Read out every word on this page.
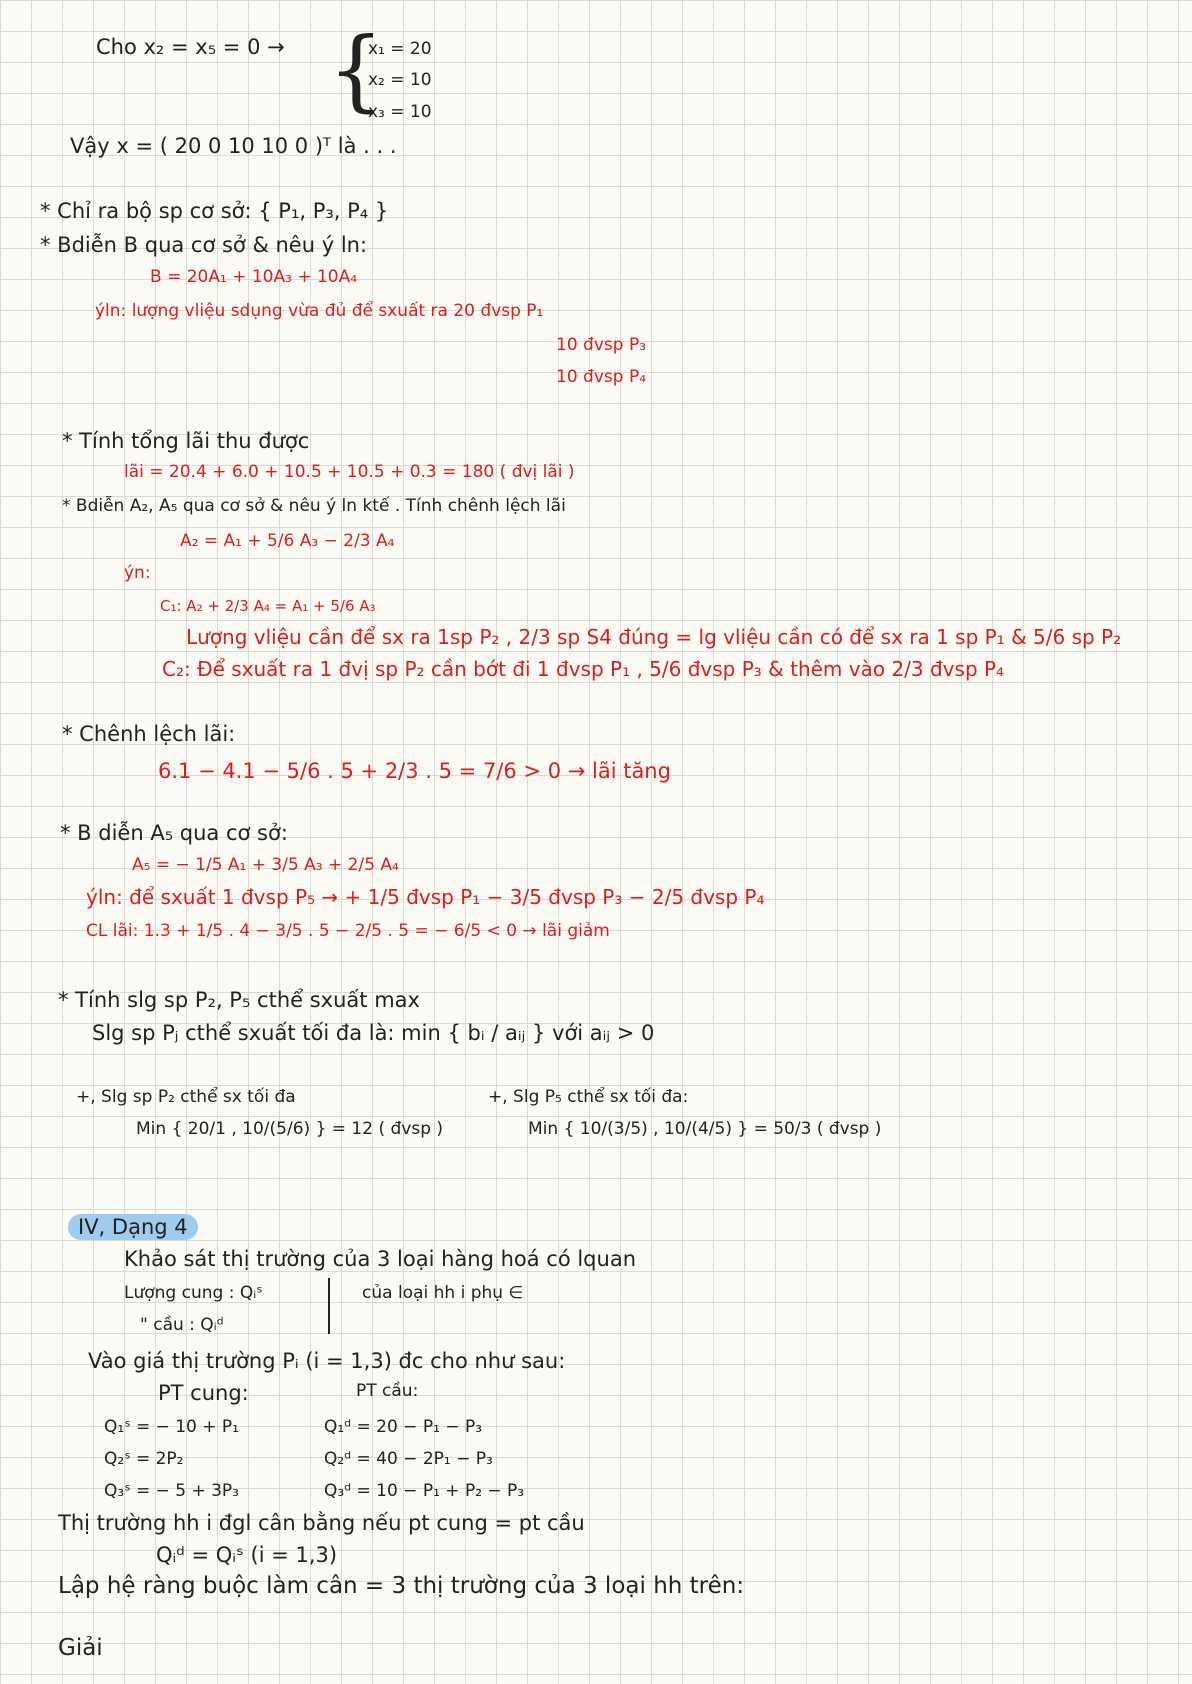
Cho x₂ = x₅ = 0 → {
x₁ = 20
x₂ = 10
x₃ = 10
Vậy x = ( 20 0 10 10 0 )ᵀ là . . .
* Chỉ ra bộ sp cơ sở: { P₁, P₃, P₄ }
* Bdiễn B qua cơ sở & nêu ý ln:
B = 20A₁ + 10A₃ + 10A₄
ýln: lượng vliệu sdụng vừa đủ để sxuất ra 20 đvsp P₁
10 đvsp P₃
10 đvsp P₄
* Tính tổng lãi thu được
lãi = 20.4 + 6.0 + 10.5 + 10.5 + 0.3 = 180 ( đvị lãi )
* Bdiễn A₂, A₅ qua cơ sở & nêu ý ln ktế . Tính chênh lệch lãi
A₂ = A₁ + 5/6 A₃ − 2/3 A₄
ýn:
C₁: A₂ + 2/3 A₄ = A₁ + 5/6 A₃
Lượng vliệu cần để sx ra 1sp P₂ , 2/3 sp S4 đúng = lg vliệu cần có để sx ra 1 sp P₁ & 5/6 sp P₂
C₂: Để sxuất ra 1 đvị sp P₂ cần bớt đi 1 đvsp P₁ , 5/6 đvsp P₃ & thêm vào 2/3 đvsp P₄
* Chênh lệch lãi:
6.1 − 4.1 − 5/6 . 5 + 2/3 . 5 = 7/6 > 0 → lãi tăng
* B diễn A₅ qua cơ sở:
A₅ = − 1/5 A₁ + 3/5 A₃ + 2/5 A₄
ýln: để sxuất 1 đvsp P₅ → + 1/5 đvsp P₁ − 3/5 đvsp P₃ − 2/5 đvsp P₄
CL lãi: 1.3 + 1/5 . 4 − 3/5 . 5 − 2/5 . 5 = − 6/5 < 0 → lãi giảm
* Tính slg sp P₂, P₅ cthể sxuất max
Slg sp Pⱼ cthể sxuất tối đa là: min { bᵢ / aᵢⱼ } với aᵢⱼ > 0
+, Slg sp P₂ cthể sx tối đa
Min { 20/1 , 10/(5/6) } = 12 ( đvsp )
+, Slg P₅ cthể sx tối đa:
Min { 10/(3/5) , 10/(4/5) } = 50/3 ( đvsp )
IV, Dạng 4
Khảo sát thị trường của 3 loại hàng hoá có lquan
Lượng cung : Qᵢˢ	của loại hh i phụ ∈
" cầu : Qᵢᵈ
Vào giá thị trường Pᵢ (i = 1,3) đc cho như sau:
PT cung:	PT cầu:
Q₁ˢ = − 10 + P₁
Q₂ˢ = 2P₂
Q₃ˢ = − 5 + 3P₃
Q₁ᵈ = 20 − P₁ − P₃
Q₂ᵈ = 40 − 2P₁ − P₃
Q₃ᵈ = 10 − P₁ + P₂ − P₃
Thị trường hh i đgl cân bằng nếu pt cung = pt cầu
Qᵢᵈ = Qᵢˢ (i = 1,3)
Lập hệ ràng buộc làm cân = 3 thị trường của 3 loại hh trên:
Giải
